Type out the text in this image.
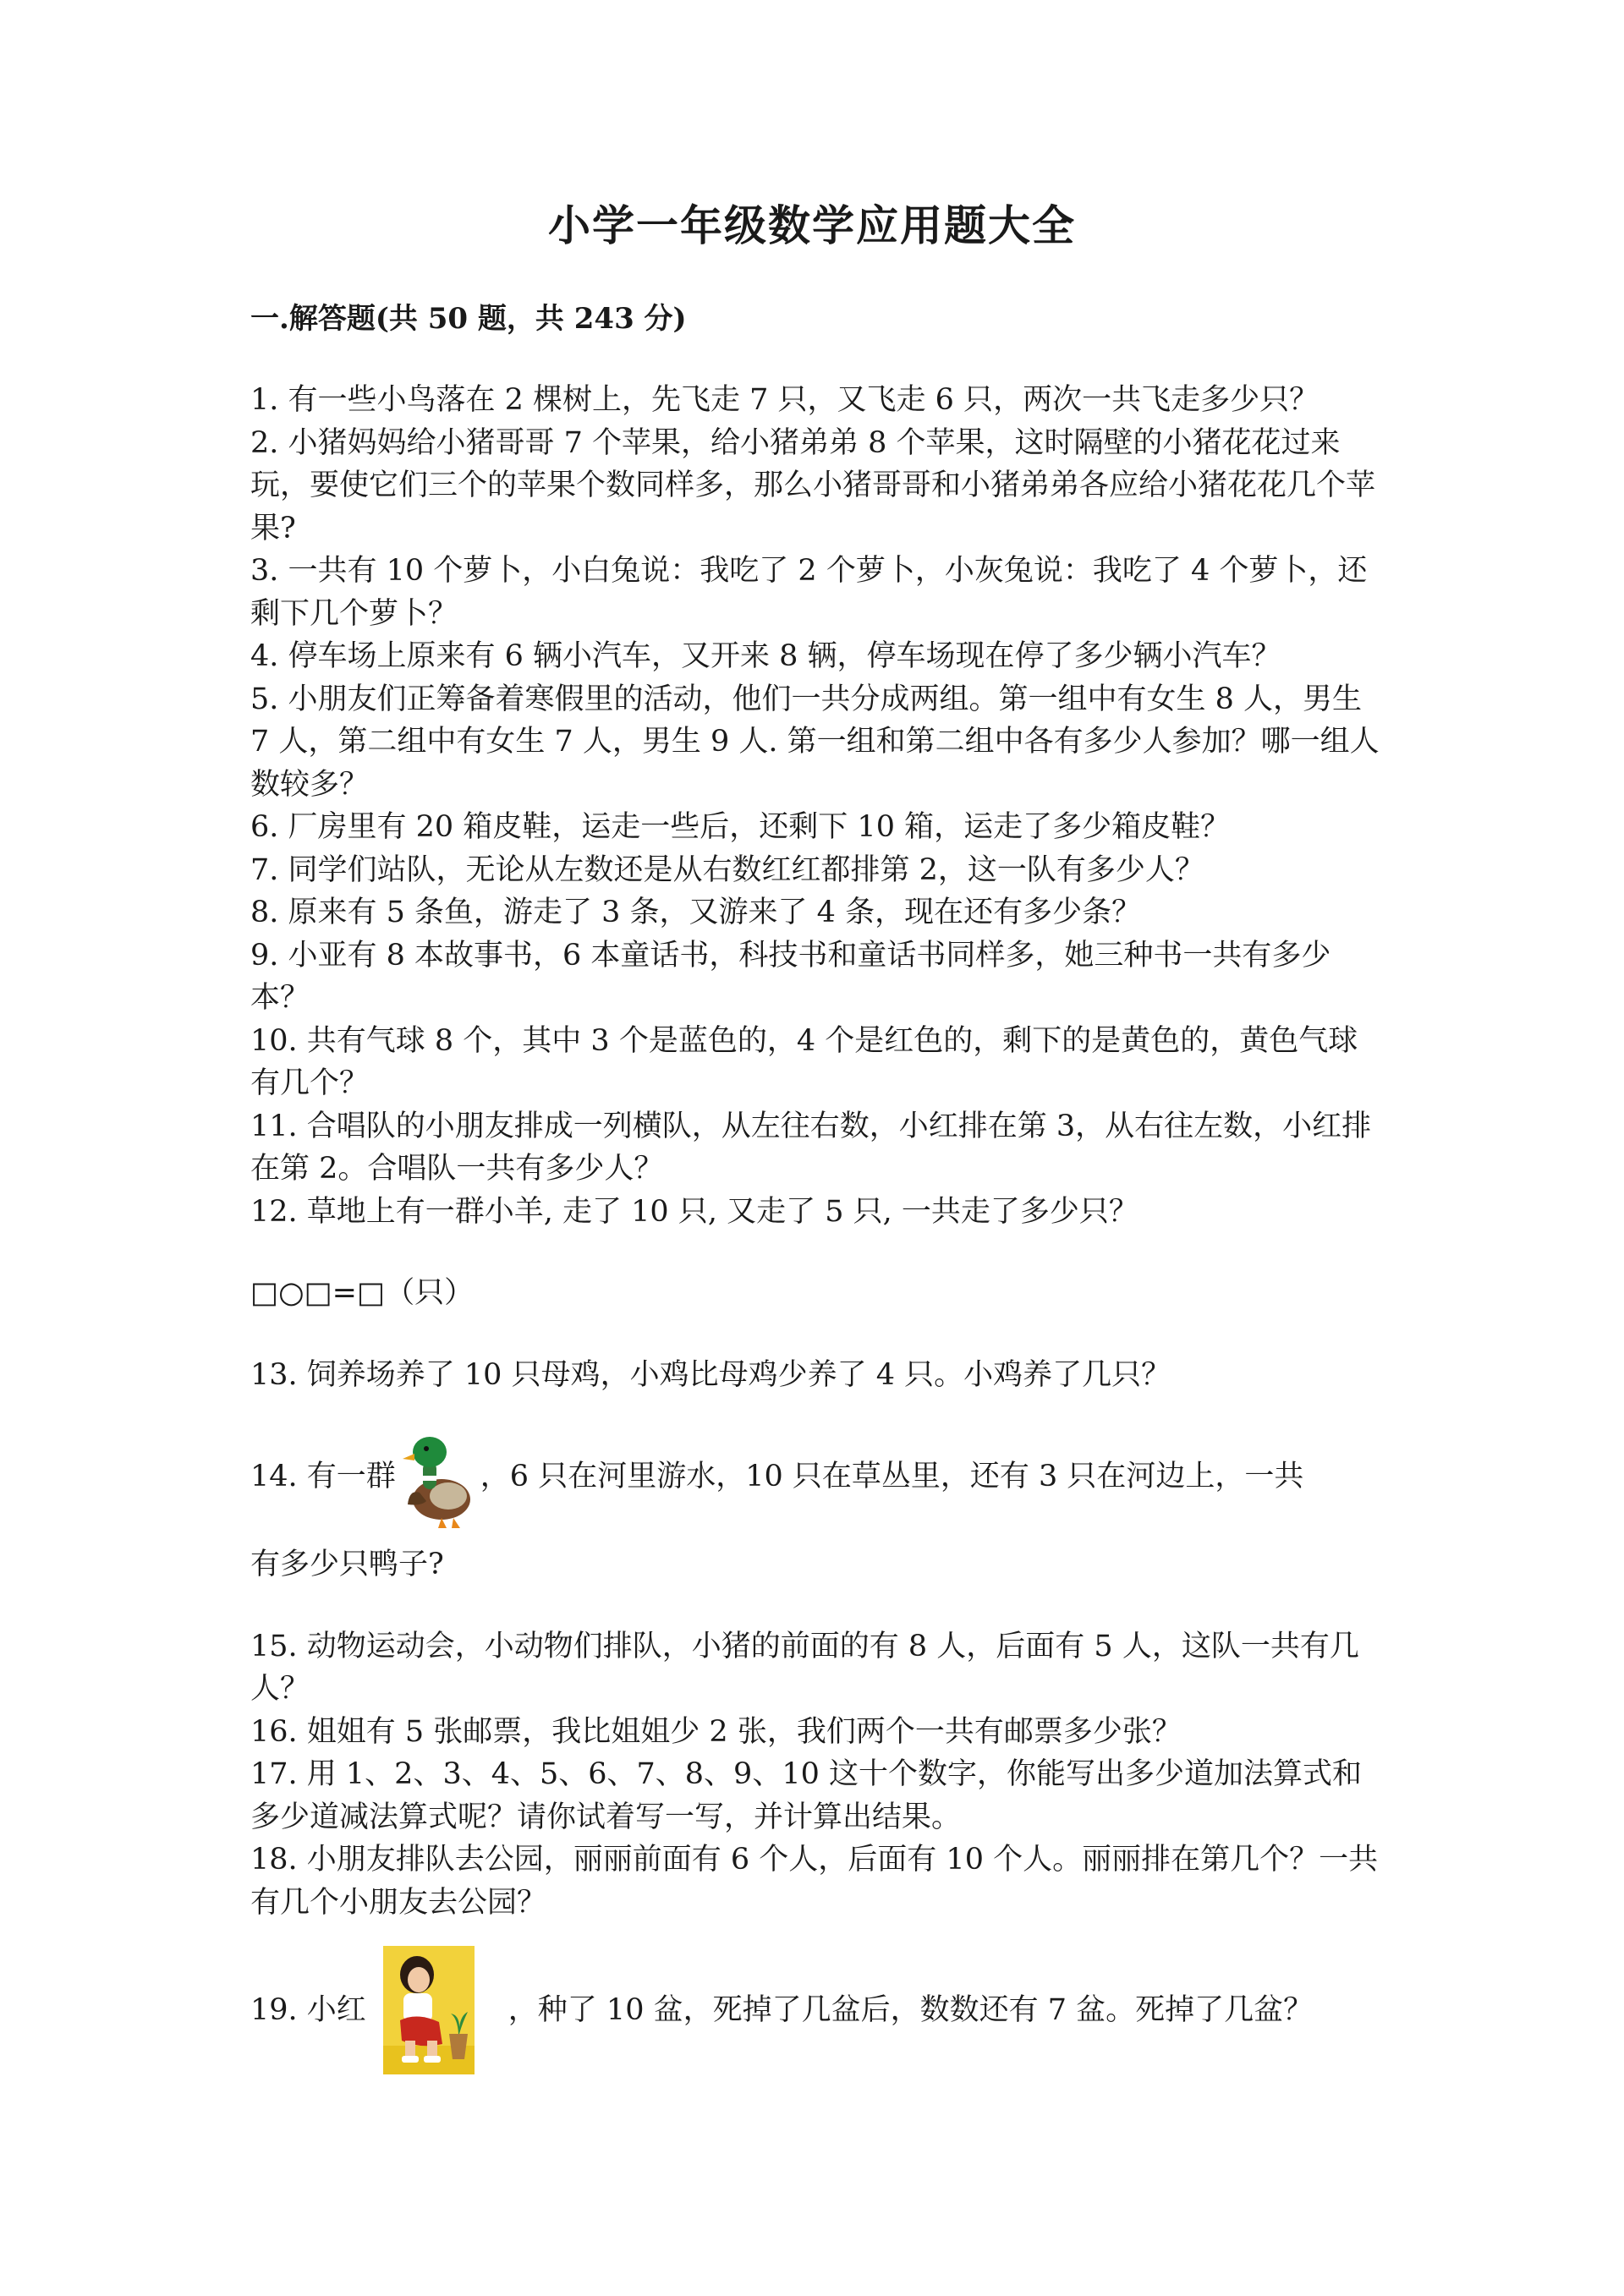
小学一年级数学应用题大全
一.解答题(共 50 题，共 243 分)

1. 有一些小鸟落在 2 棵树上，先飞走 7 只，又飞走 6 只，两次一共飞走多少只？

2. 小猪妈妈给小猪哥哥 7 个苹果，给小猪弟弟 8 个苹果，这时隔壁的小猪花花过来玩，要使它们三个的苹果个数同样多，那么小猪哥哥和小猪弟弟各应给小猪花花几个苹果?

3. 一共有 10 个萝卜，小白兔说：我吃了 2 个萝卜，小灰兔说：我吃了 4 个萝卜，还剩下几个萝卜？

4. 停车场上原来有 6 辆小汽车，又开来 8 辆，停车场现在停了多少辆小汽车？

5. 小朋友们正筹备着寒假里的活动，他们一共分成两组。第一组中有女生 8 人，男生 7 人，第二组中有女生 7 人，男生 9 人. 第一组和第二组中各有多少人参加？哪一组人数较多？

6. 厂房里有 20 箱皮鞋，运走一些后，还剩下 10 箱，运走了多少箱皮鞋？

7. 同学们站队，无论从左数还是从右数红红都排第 2，这一队有多少人？

8. 原来有 5 条鱼，游走了 3 条，又游来了 4 条，现在还有多少条？

9. 小亚有 8 本故事书，6 本童话书，科技书和童话书同样多，她三种书一共有多少本？

10. 共有气球 8 个，其中 3 个是蓝色的，4 个是红色的，剩下的是黄色的，黄色气球有几个？

11. 合唱队的小朋友排成一列横队，从左往右数，小红排在第 3，从右往左数，小红排在第 2。合唱队一共有多少人？

12. 草地上有一群小羊, 走了 10 只, 又走了 5 只, 一共走了多少只？

□○□=□（只）

13. 饲养场养了 10 只母鸡，小鸡比母鸡少养了 4 只。小鸡养了几只？

14. 有一群	，6 只在河里游水，10 只在草丛里，还有 3 只在河边上，一共
有多少只鸭子?

15. 动物运动会，小动物们排队，小猪的前面的有 8 人，后面有 5 人，这队一共有几人？

16. 姐姐有 5 张邮票，我比姐姐少 2 张，我们两个一共有邮票多少张？

17. 用 1、2、3、4、5、6、7、8、9、10 这十个数字，你能写出多少道加法算式和多少道减法算式呢？请你试着写一写，并计算出结果。

18. 小朋友排队去公园，丽丽前面有 6 个人，后面有 10 个人。丽丽排在第几个？一共有几个小朋友去公园？

19. 小红	，种了 10 盆，死掉了几盆后，数数还有 7 盆。死掉了几盆？
